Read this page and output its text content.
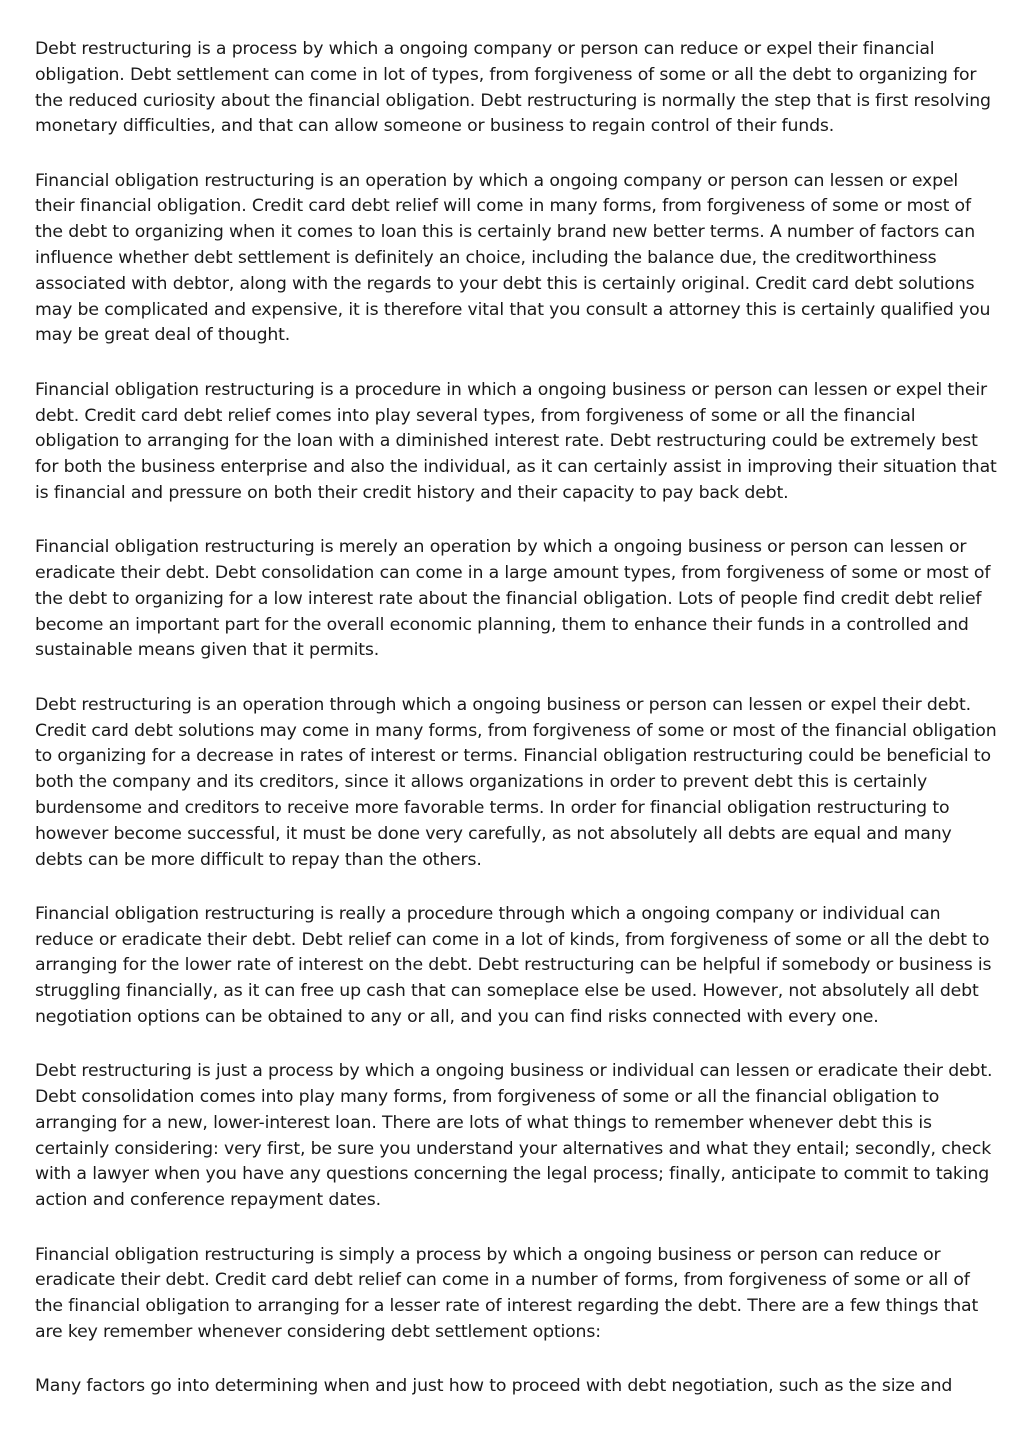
Debt restructuring is a process by which a ongoing company or person can reduce or expel their financial obligation. Debt settlement can come in lot of types, from forgiveness of some or all the debt to organizing for the reduced curiosity about the financial obligation. Debt restructuring is normally the step that is first resolving monetary difficulties, and that can allow someone or business to regain control of their funds.

Financial obligation restructuring is an operation by which a ongoing company or person can lessen or expel their financial obligation. Credit card debt relief will come in many forms, from forgiveness of some or most of the debt to organizing when it comes to loan this is certainly brand new better terms. A number of factors can influence whether debt settlement is definitely an choice, including the balance due, the creditworthiness associated with debtor, along with the regards to your debt this is certainly original. Credit card debt solutions may be complicated and expensive, it is therefore vital that you consult a attorney this is certainly qualified you may be great deal of thought.

Financial obligation restructuring is a procedure in which a ongoing business or person can lessen or expel their debt. Credit card debt relief comes into play several types, from forgiveness of some or all the financial obligation to arranging for the loan with a diminished interest rate. Debt restructuring could be extremely best for both the business enterprise and also the individual, as it can certainly assist in improving their situation that is financial and pressure on both their credit history and their capacity to pay back debt.

Financial obligation restructuring is merely an operation by which a ongoing business or person can lessen or eradicate their debt. Debt consolidation can come in a large amount types, from forgiveness of some or most of the debt to organizing for a low interest rate about the financial obligation. Lots of people find credit debt relief become an important part for the overall economic planning, them to enhance their funds in a controlled and sustainable means given that it permits.

Debt restructuring is an operation through which a ongoing business or person can lessen or expel their debt. Credit card debt solutions may come in many forms, from forgiveness of some or most of the financial obligation to organizing for a decrease in rates of interest or terms. Financial obligation restructuring could be beneficial to both the company and its creditors, since it allows organizations in order to prevent debt this is certainly burdensome and creditors to receive more favorable terms. In order for financial obligation restructuring to however become successful, it must be done very carefully, as not absolutely all debts are equal and many debts can be more difficult to repay than the others.

Financial obligation restructuring is really a procedure through which a ongoing company or individual can reduce or eradicate their debt. Debt relief can come in a lot of kinds, from forgiveness of some or all the debt to arranging for the lower rate of interest on the debt. Debt restructuring can be helpful if somebody or business is struggling financially, as it can free up cash that can someplace else be used. However, not absolutely all debt negotiation options can be obtained to any or all, and you can find risks connected with every one.

Debt restructuring is just a process by which a ongoing business or individual can lessen or eradicate their debt. Debt consolidation comes into play many forms, from forgiveness of some or all the financial obligation to arranging for a new, lower-interest loan. There are lots of what things to remember whenever debt this is certainly considering: very first, be sure you understand your alternatives and what they entail; secondly, check with a lawyer when you have any questions concerning the legal process; finally, anticipate to commit to taking action and conference repayment dates.

Financial obligation restructuring is simply a process by which a ongoing business or person can reduce or eradicate their debt. Credit card debt relief can come in a number of forms, from forgiveness of some or all of the financial obligation to arranging for a lesser rate of interest regarding the debt. There are a few things that are key remember whenever considering debt settlement options:

Many factors go into determining when and just how to proceed with debt negotiation, such as the size and
